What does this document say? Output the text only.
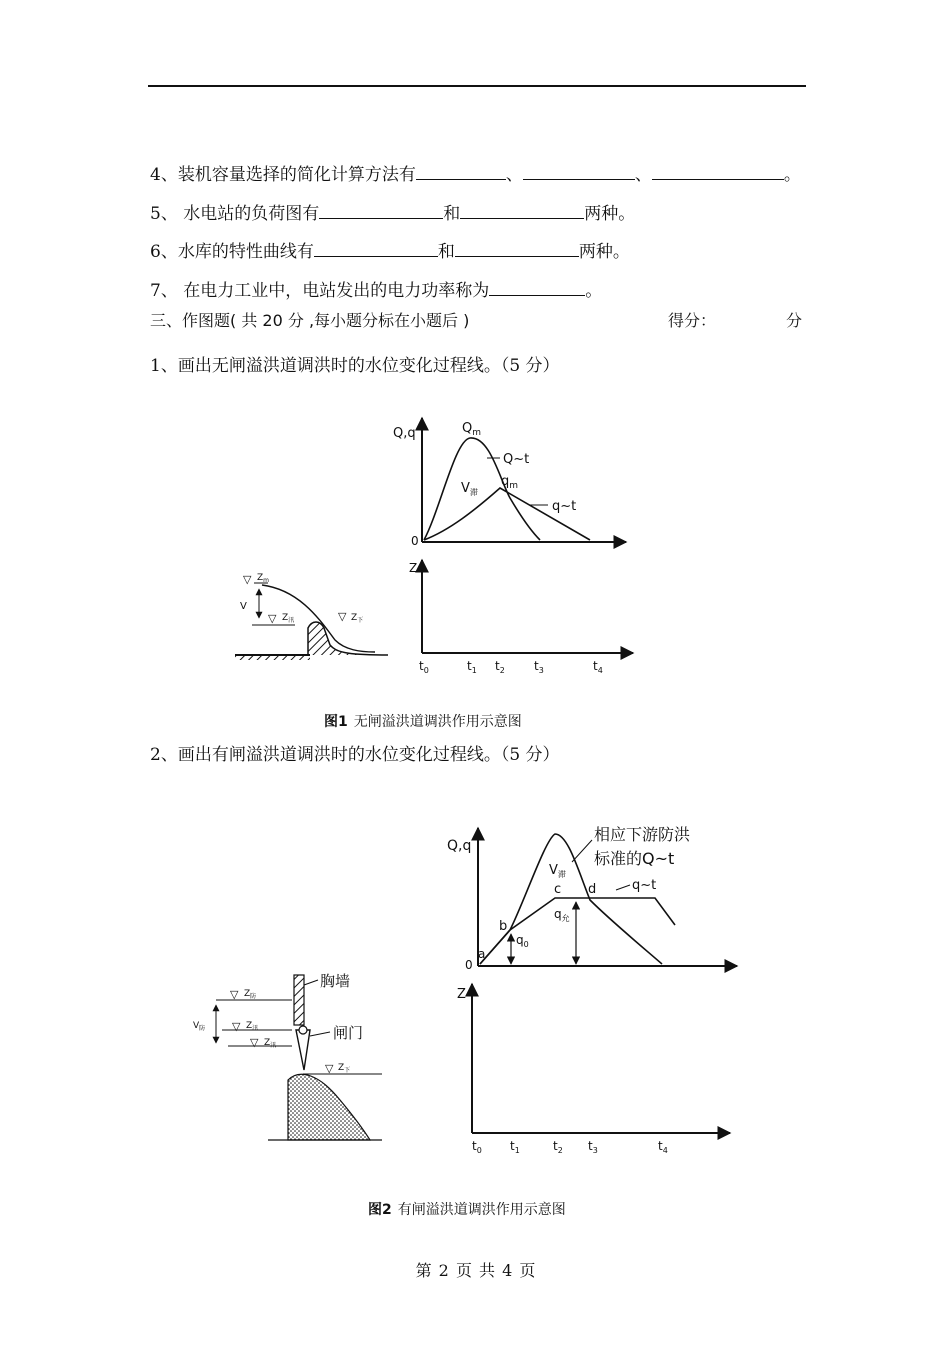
4、装机容量选择的简化计算方法有	、	、	。
5、 水电站的负荷图有	和	两种。
6、水库的特性曲线有	和	两种。
7、 在电力工业中，电站发出的电力功率称为	。
三、作图题( 共 20 分 ,每小题分标在小题后 )	得分：	分
1、画出无闸溢洪道调洪时的水位变化过程线。（5 分）
Q,q	$Q_m$
Q~t
$V_滞$
$q_m$
q~t
0
Z
$t_0$	$t_1$ $t_2$ $t_3$	$t_4$
▽ $Z_m$
V
▽ $Z_汛$	▽ $Z_下$
Q,q
相应下游防洪
标准的Q~t
$V_滞$
c d	q~t
b
a
0
$q_0$
$q_允$
Z
$t_0$ $t_1$	$t_2$ $t_3$	$t_4$
胸墙
闸门
▽ $Z_下$
▽ $Z_防$
$V_防$ ▽ $Z_汛$
▽ $Z_汛$
图1 无闸溢洪道调洪作用示意图
2、画出有闸溢洪道调洪时的水位变化过程线。（5 分）
图2 有闸溢洪道调洪作用示意图
第 2 页 共 4 页
